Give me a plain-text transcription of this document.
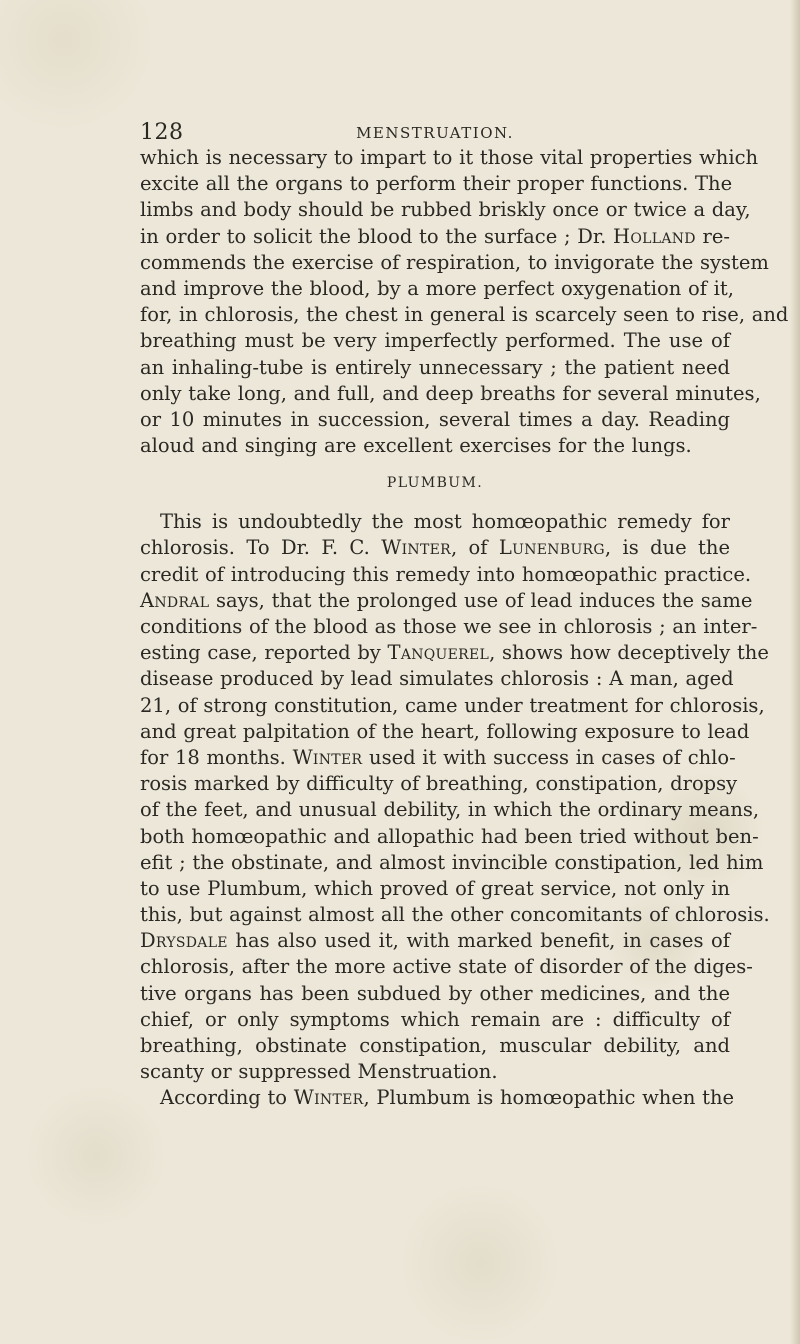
128	MENSTRUATION.
which is necessary to impart to it those vital properties which
excite all the organs to perform their proper functions. The
limbs and body should be rubbed briskly once or twice a day,
in order to solicit the blood to the surface ; Dr. Holland re-
commends the exercise of respiration, to invigorate the system
and improve the blood, by a more perfect oxygenation of it,
for, in chlorosis, the chest in general is scarcely seen to rise, and
breathing must be very imperfectly performed. The use of
an inhaling-tube is entirely unnecessary ; the patient need
only take long, and full, and deep breaths for several minutes,
or 10 minutes in succession, several times a day. Reading
aloud and singing are excellent exercises for the lungs.
PLUMBUM.
This is undoubtedly the most homœopathic remedy for
chlorosis. To Dr. F. C. Winter, of Lunenburg, is due the
credit of introducing this remedy into homœopathic practice.
Andral says, that the prolonged use of lead induces the same
conditions of the blood as those we see in chlorosis ; an inter-
esting case, reported by Tanquerel, shows how deceptively the
disease produced by lead simulates chlorosis : A man, aged
21, of strong constitution, came under treatment for chlorosis,
and great palpitation of the heart, following exposure to lead
for 18 months. Winter used it with success in cases of chlo-
rosis marked by difficulty of breathing, constipation, dropsy
of the feet, and unusual debility, in which the ordinary means,
both homœopathic and allopathic had been tried without ben-
efit ; the obstinate, and almost invincible constipation, led him
to use Plumbum, which proved of great service, not only in
this, but against almost all the other concomitants of chlorosis.
Drysdale has also used it, with marked benefit, in cases of
chlorosis, after the more active state of disorder of the diges-
tive organs has been subdued by other medicines, and the
chief, or only symptoms which remain are : difficulty of
breathing, obstinate constipation, muscular debility, and
scanty or suppressed Menstruation.
According to Winter, Plumbum is homœopathic when the
